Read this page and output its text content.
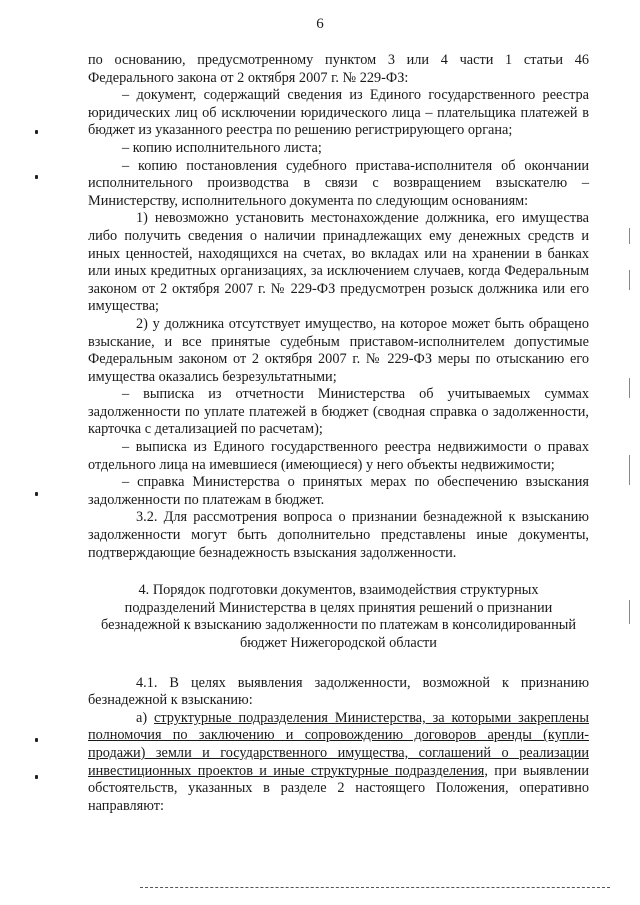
6

по основанию, предусмотренному пунктом 3 или 4 части 1 статьи 46 Федерального закона от 2 октября 2007 г. № 229-ФЗ:

– документ, содержащий сведения из Единого государственного реестра юридических лиц об исключении юридического лица – плательщика платежей в бюджет из указанного реестра по решению регистрирующего органа;

– копию исполнительного листа;

– копию постановления судебного пристава-исполнителя об окончании исполнительного производства в связи с возвращением взыскателю – Министерству, исполнительного документа по следующим основаниям:

1) невозможно установить местонахождение должника, его имущества либо получить сведения о наличии принадлежащих ему денежных средств и иных ценностей, находящихся на счетах, во вкладах или на хранении в банках или иных кредитных организациях, за исключением случаев, когда Федеральным законом от 2 октября 2007 г. № 229-ФЗ предусмотрен розыск должника или его имущества;

2) у должника отсутствует имущество, на которое может быть обращено взыскание, и все принятые судебным приставом-исполнителем допустимые Федеральным законом от 2 октября 2007 г. № 229-ФЗ меры по отысканию его имущества оказались безрезультатными;

– выписка из отчетности Министерства об учитываемых суммах задолженности по уплате платежей в бюджет (сводная справка о задолженности, карточка с детализацией по расчетам);

– выписка из Единого государственного реестра недвижимости о правах отдельного лица на имевшиеся (имеющиеся) у него объекты недвижимости;

– справка Министерства о принятых мерах по обеспечению взыскания задолженности по платежам в бюджет.

3.2. Для рассмотрения вопроса о признании безнадежной к взысканию задолженности могут быть дополнительно представлены иные документы, подтверждающие безнадежность взыскания задолженности.

4. Порядок подготовки документов, взаимодействия структурных

подразделений Министерства в целях принятия решений о признании

безнадежной к взысканию задолженности по платежам в консолидированный

бюджет Нижегородской области

4.1. В целях выявления задолженности, возможной к признанию безнадежной к взысканию:

а) структурные подразделения Министерства, за которыми закреплены полномочия по заключению и сопровождению договоров аренды (купли-продажи) земли и государственного имущества, соглашений о реализации инвестиционных проектов и иные структурные подразделения, при выявлении обстоятельств, указанных в разделе 2 настоящего Положения, оперативно направляют:
